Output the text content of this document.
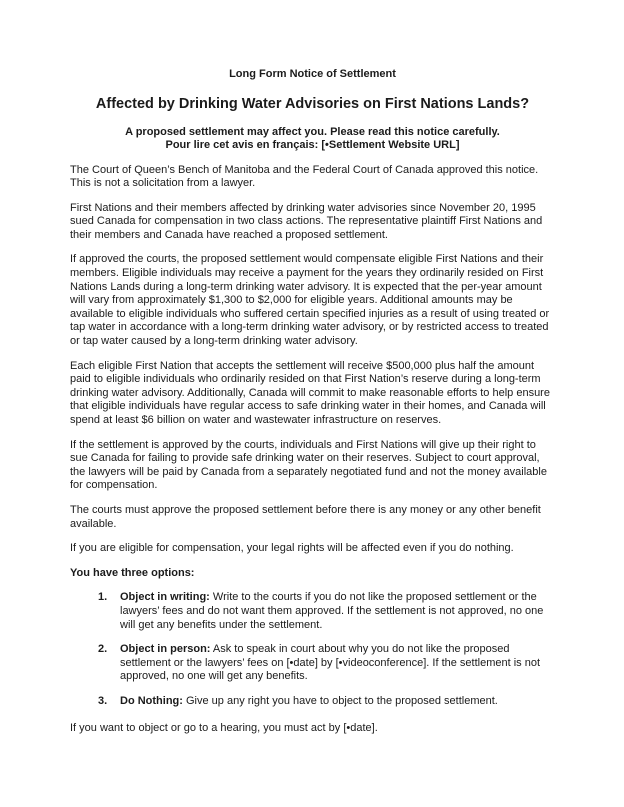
Long Form Notice of Settlement
Affected by Drinking Water Advisories on First Nations Lands?
A proposed settlement may affect you. Please read this notice carefully.
Pour lire cet avis en français: [•Settlement Website URL]

The Court of Queen’s Bench of Manitoba and the Federal Court of Canada approved this notice. This is not a solicitation from a lawyer.

First Nations and their members affected by drinking water advisories since November 20, 1995 sued Canada for compensation in two class actions. The representative plaintiff First Nations and their members and Canada have reached a proposed settlement.

If approved the courts, the proposed settlement would compensate eligible First Nations and their members. Eligible individuals may receive a payment for the years they ordinarily resided on First Nations Lands during a long-term drinking water advisory. It is expected that the per-year amount will vary from approximately $1,300 to $2,000 for eligible years. Additional amounts may be available to eligible individuals who suffered certain specified injuries as a result of using treated or tap water in accordance with a long-term drinking water advisory, or by restricted access to treated or tap water caused by a long-term drinking water advisory.

Each eligible First Nation that accepts the settlement will receive $500,000 plus half the amount paid to eligible individuals who ordinarily resided on that First Nation’s reserve during a long-term drinking water advisory. Additionally, Canada will commit to make reasonable efforts to help ensure that eligible individuals have regular access to safe drinking water in their homes, and Canada will spend at least $6 billion on water and wastewater infrastructure on reserves.

If the settlement is approved by the courts, individuals and First Nations will give up their right to sue Canada for failing to provide safe drinking water on their reserves. Subject to court approval, the lawyers will be paid by Canada from a separately negotiated fund and not the money available for compensation.

The courts must approve the proposed settlement before there is any money or any other benefit available.

If you are eligible for compensation, your legal rights will be affected even if you do nothing.

You have three options:
1. Object in writing: Write to the courts if you do not like the proposed settlement or the lawyers’ fees and do not want them approved. If the settlement is not approved, no one will get any benefits under the settlement.
2. Object in person: Ask to speak in court about why you do not like the proposed settlement or the lawyers’ fees on [•date] by [•videoconference]. If the settlement is not approved, no one will get any benefits.
3. Do Nothing: Give up any right you have to object to the proposed settlement.

If you want to object or go to a hearing, you must act by [•date].
